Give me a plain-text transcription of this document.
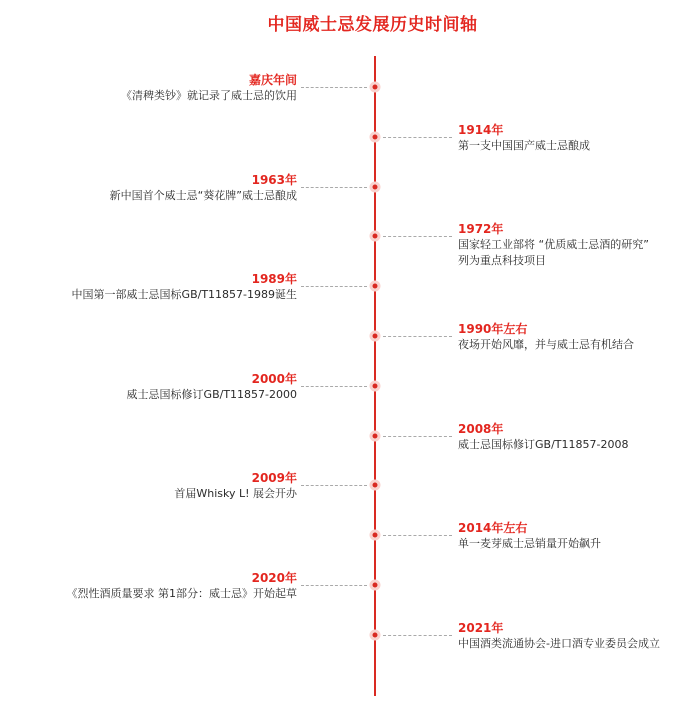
中国威士忌发展历史时间轴
嘉庆年间
《清稗类钞》就记录了威士忌的饮用
1914年
第一支中国国产威士忌酿成
1963年
新中国首个威士忌“葵花牌”威士忌酿成
1972年
国家轻工业部将 “优质威士忌酒的研究”
列为重点科技项目
1989年
中国第一部威士忌国标GB/T11857-1989诞生
1990年左右
夜场开始风靡，并与威士忌有机结合
2000年
威士忌国标修订GB/T11857-2000
2008年
威士忌国标修订GB/T11857-2008
2009年
首届Whisky L! 展会开办
2014年左右
单一麦芽威士忌销量开始飙升
2020年
《烈性酒质量要求 第1部分：威士忌》开始起草
2021年
中国酒类流通协会-进口酒专业委员会成立
